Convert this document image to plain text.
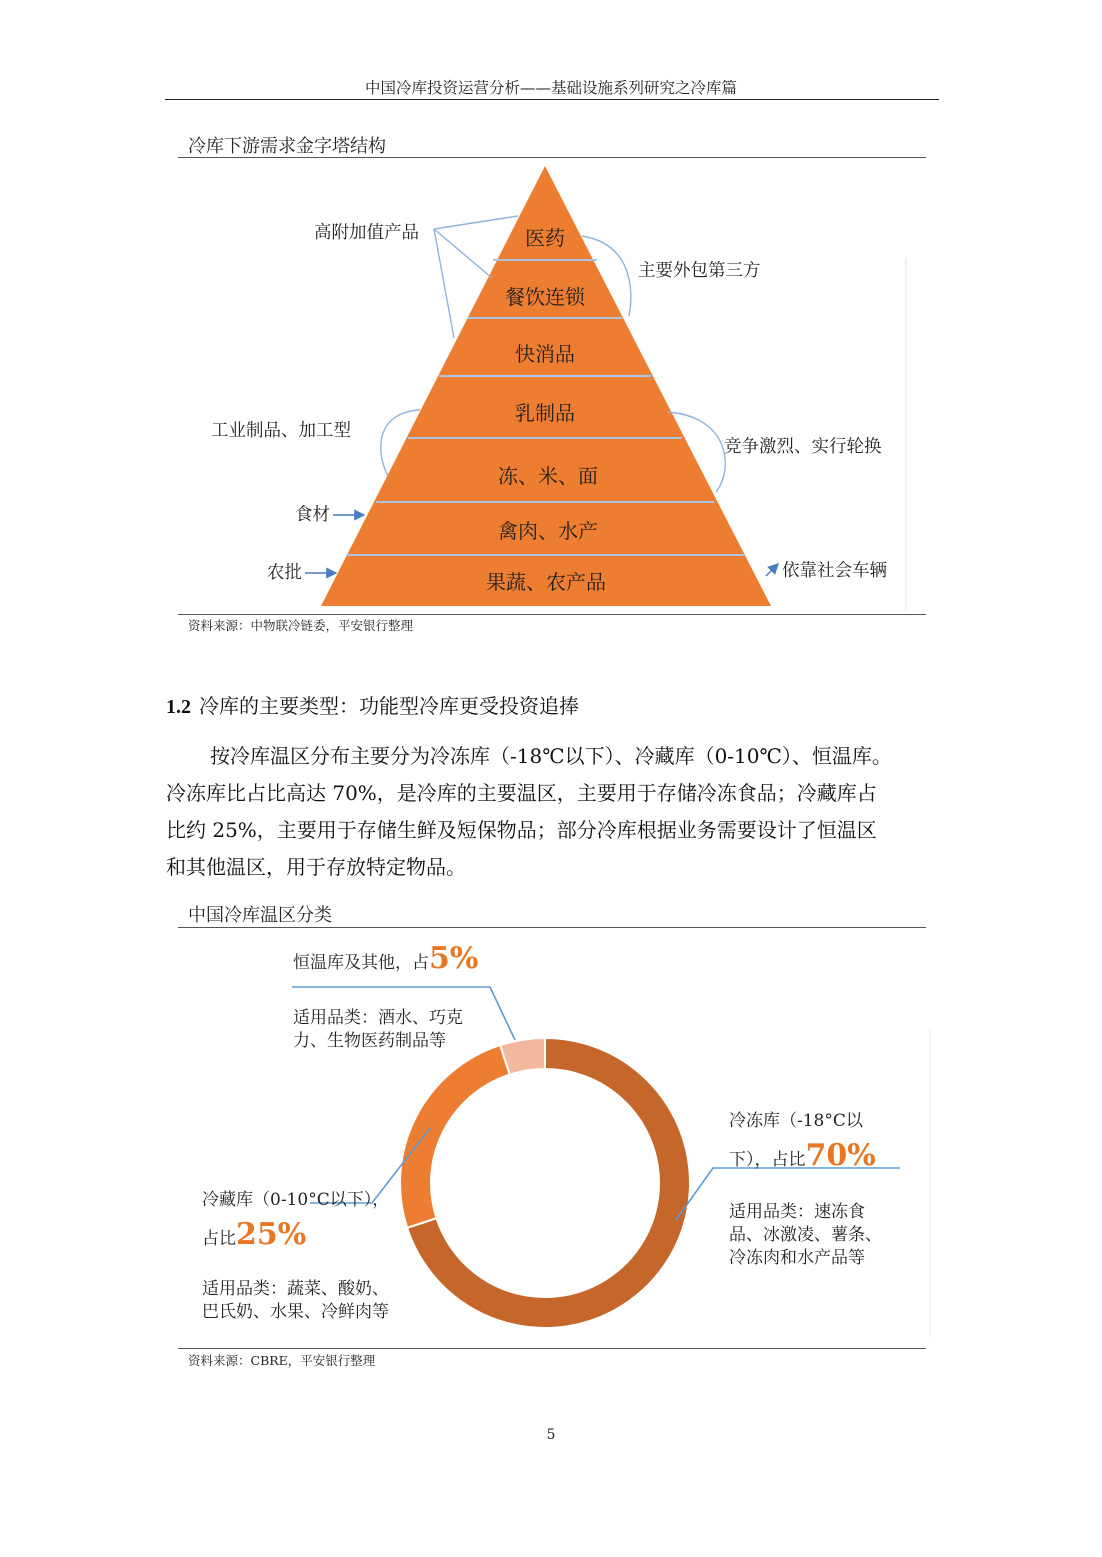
中国冷库投资运营分析——基础设施系列研究之冷库篇
冷库下游需求金字塔结构
医药
餐饮连锁
快消品
乳制品
冻、米、面
禽肉、水产
果蔬、农产品
高附加值产品
工业制品、加工型
食材
农批
主要外包第三方
竞争激烈、实行轮换
依靠社会车辆
资料来源：中物联冷链委，平安银行整理
1.2 冷库的主要类型：功能型冷库更受投资追捧
按冷库温区分布主要分为冷冻库（-18℃以下）、冷藏库（0-10℃）、恒温库。
冷冻库比占比高达 70%，是冷库的主要温区，主要用于存储冷冻食品；冷藏库占
比约 25%，主要用于存储生鲜及短保物品；部分冷库根据业务需要设计了恒温区
和其他温区，用于存放特定物品。
中国冷库温区分类
恒温库及其他，占5%
适用品类：酒水、巧克
力、生物医药制品等
冷冻库（-18°C以
下），占比70%
适用品类：速冻食
品、冰激凌、薯条、
冷冻肉和水产品等
冷藏库（0-10°C以下），
占比25%
适用品类：蔬菜、酸奶、
巴氏奶、水果、冷鲜肉等
资料来源：CBRE，平安银行整理
5
